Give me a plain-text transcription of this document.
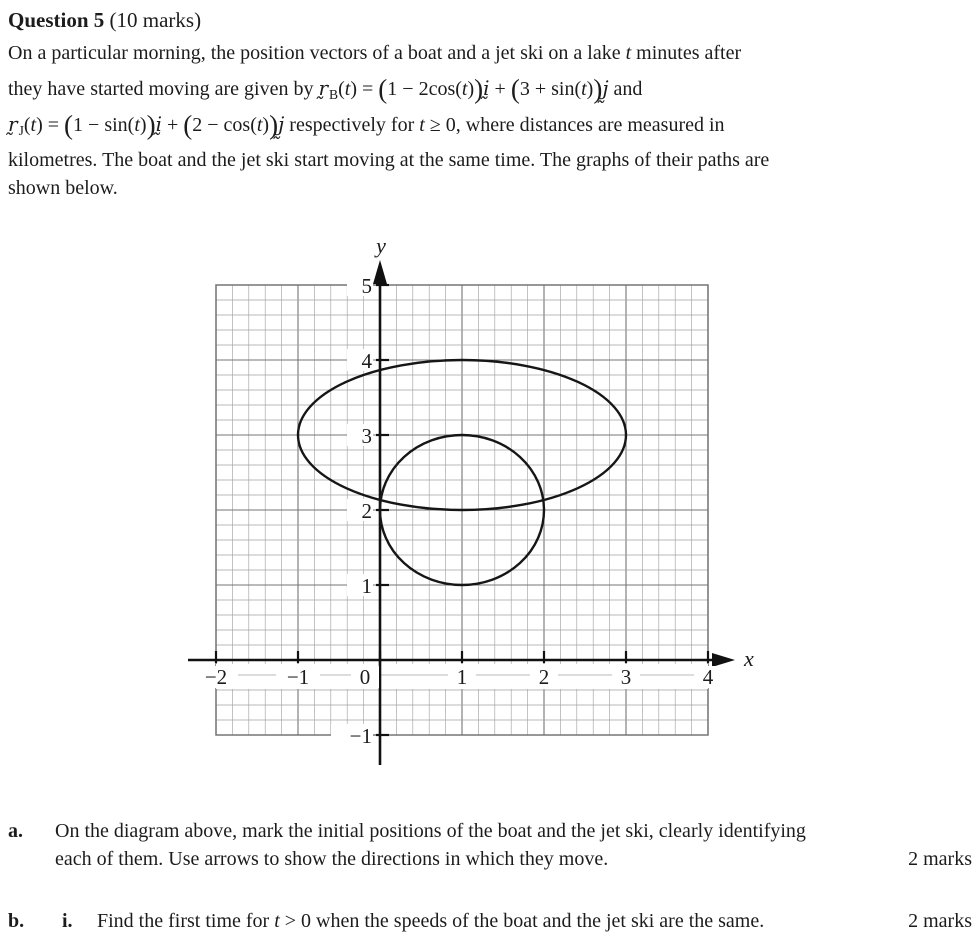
Question 5 (10 marks)
On a particular morning, the position vectors of a boat and a jet ski on a lake t minutes after
they have started moving are given by $r̰_B(t) = (1$ − 2cos(t))ḭ + (3 + sin(t))j̰ and
$r̰_J(t) = (1$ − sin(t))ḭ + (2 − cos(t))j̰ respectively for t ≥ 0, where distances are measured in
kilometres. The boat and the jet ski start moving at the same time. The graphs of their paths are
shown below.
−2	−1 0	1	2	3	4
−1
1
2
3
4
5
x
y
a. On the diagram above, mark the initial positions of the boat and the jet ski, clearly identifying
each of them. Use arrows to show the directions in which they move.	2 marks
b. i. Find the first time for t > 0 when the speeds of the boat and the jet ski are the same.	2 marks
